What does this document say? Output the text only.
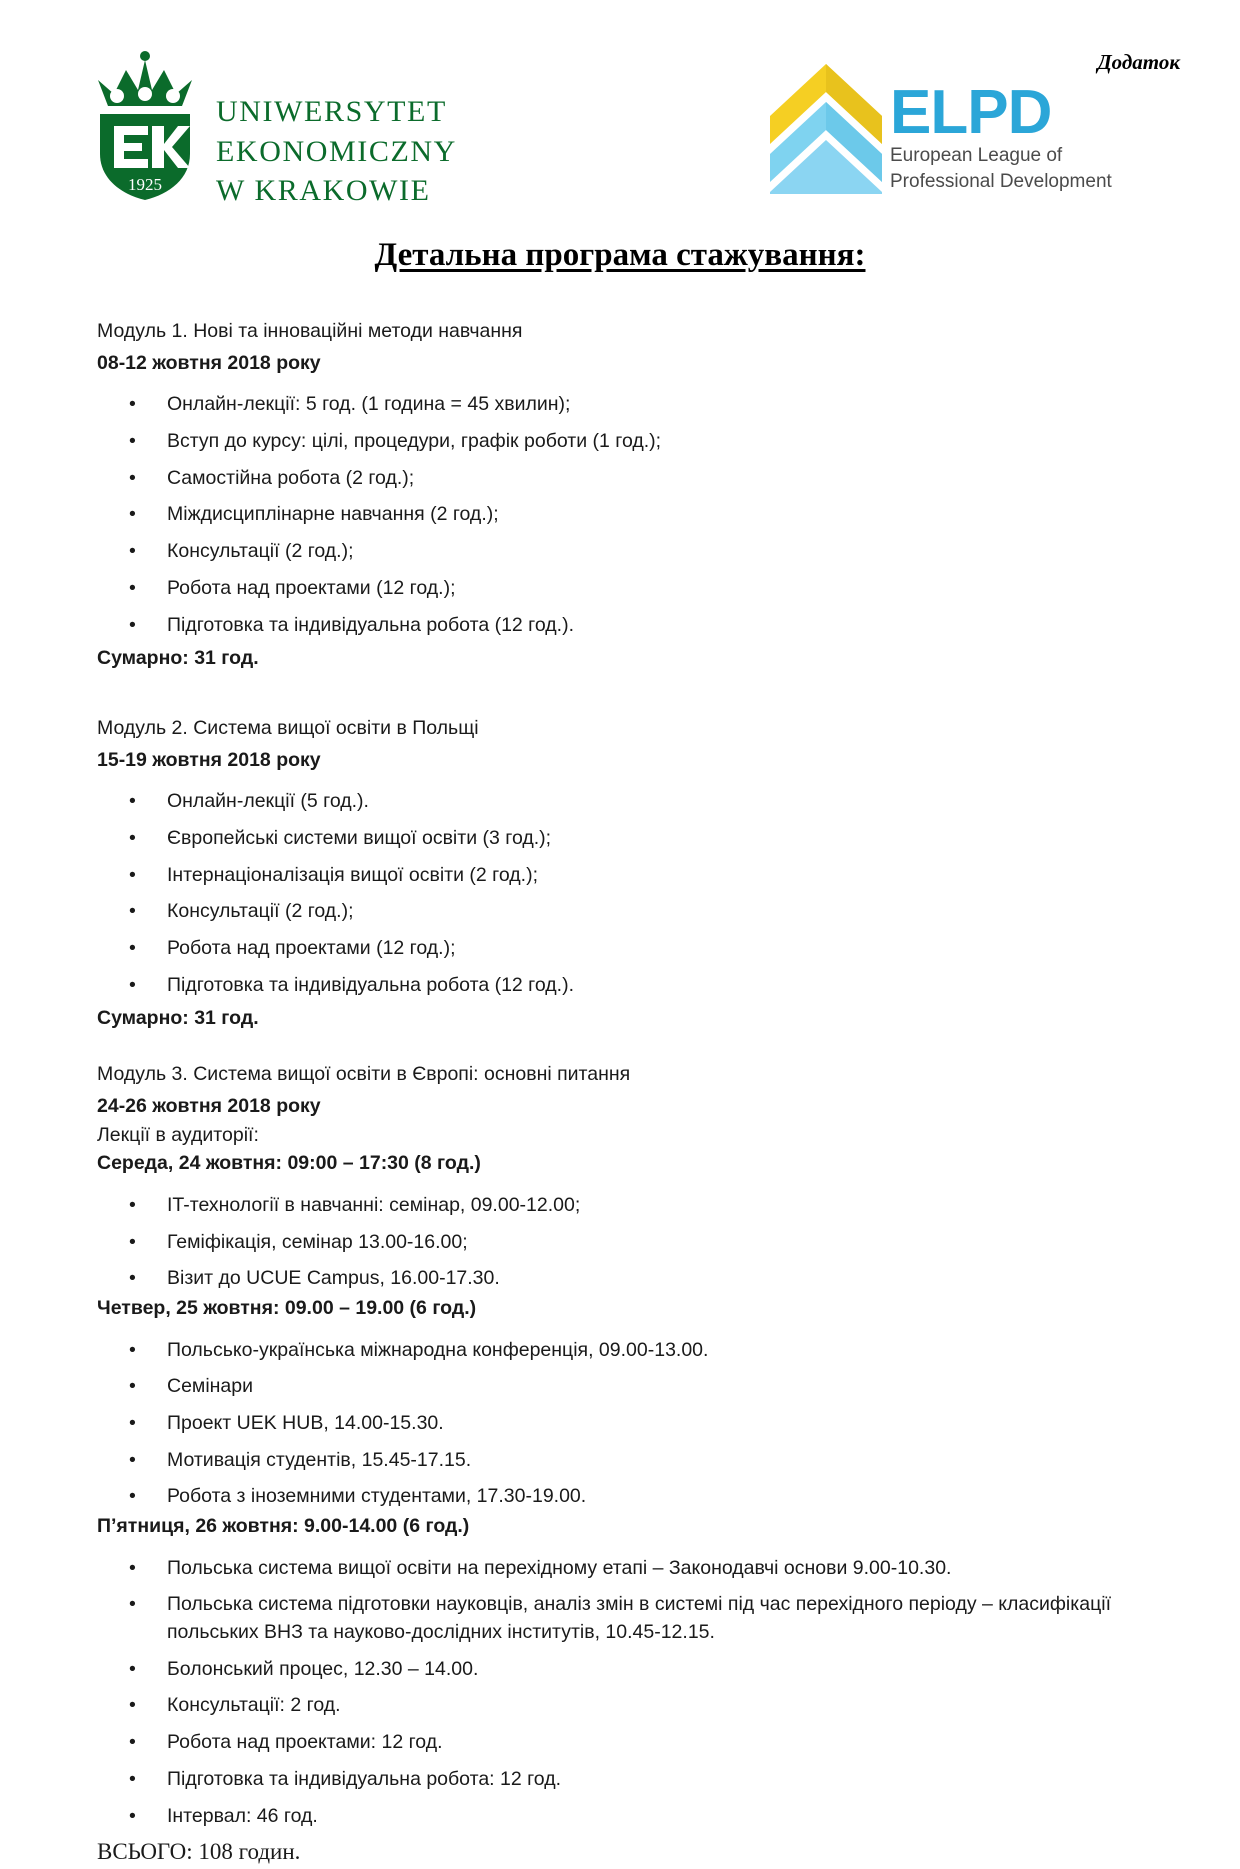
1925
UNIWERSYTET
EKONOMICZNY
W KRAKOWIE
ELPD
European League of
Professional Development
Додаток
Детальна програма стажування:

Модуль 1. Нові та інноваційні методи навчання

08-12 жовтня 2018 року

• Онлайн-лекції: 5 год. (1 година = 45 хвилин);
• Вступ до курсу: цілі, процедури, графік роботи (1 год.);
• Самостійна робота (2 год.);
• Міждисциплінарне навчання (2 год.);
• Консультації (2 год.);
• Робота над проектами (12 год.);
• Підготовка та індивідуальна робота (12 год.).

Сумарно: 31 год.

Модуль 2. Система вищої освіти в Польщі

15-19 жовтня 2018 року

• Онлайн-лекції (5 год.).
• Європейські системи вищої освіти (3 год.);
• Інтернаціоналізація вищої освіти (2 год.);
• Консультації (2 год.);
• Робота над проектами (12 год.);
• Підготовка та індивідуальна робота (12 год.).

Сумарно: 31 год.

Модуль 3. Система вищої освіти в Європі: основні питання

24-26 жовтня 2018 року

Лекції в аудиторії:

Середа, 24 жовтня: 09:00 – 17:30 (8 год.)

• IT-технології в навчанні: семінар, 09.00-12.00;
• Геміфікація, семінар 13.00-16.00;
• Візит до UCUE Campus, 16.00-17.30.

Четвер, 25 жовтня: 09.00 – 19.00 (6 год.)

• Польсько-українська міжнародна конференція, 09.00-13.00.
• Семінари
• Проект UEK HUB, 14.00-15.30.
• Мотивація студентів, 15.45-17.15.
• Робота з іноземними студентами, 17.30-19.00.

П’ятниця, 26 жовтня: 9.00-14.00 (6 год.)

• Польська система вищої освіти на перехідному етапі – Законодавчі основи 9.00-10.30.
• Польська система підготовки науковців, аналіз змін в системі під час перехідного періоду – класифікації польських ВНЗ та науково-дослідних інститутів, 10.45-12.15.
• Болонський процес, 12.30 – 14.00.
• Консультації: 2 год.
• Робота над проектами: 12 год.
• Підготовка та індивідуальна робота: 12 год.
• Інтервал: 46 год.

ВСЬОГО: 108 годин.
